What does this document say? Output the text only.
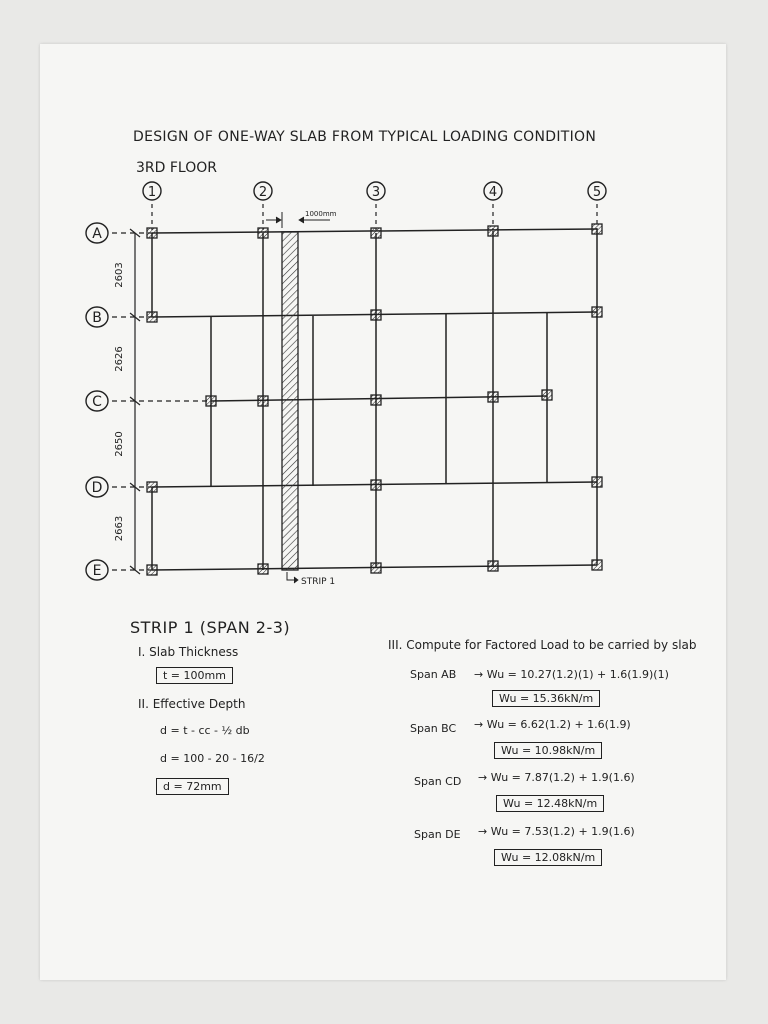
DESIGN OF ONE-WAY SLAB FROM TYPICAL LOADING CONDITION
3RD FLOOR
1	2	3	4	5
A
B
C
D
E
2603
2626
2650
2663
1000mm
STRIP 1
STRIP 1 (SPAN 2-3)
I. Slab Thickness
t = 100mm
II. Effective Depth
d = t - cc - ½ db
d = 100 - 20 - 16/2
d = 72mm
III. Compute for Factored Load to be carried by slab
Span AB → Wu = 10.27(1.2)(1) + 1.6(1.9)(1)
Wu = 15.36kN/m
Span BC → Wu = 6.62(1.2) + 1.6(1.9)
Wu = 10.98kN/m
Span CD → Wu = 7.87(1.2) + 1.9(1.6)
Wu = 12.48kN/m
Span DE → Wu = 7.53(1.2) + 1.9(1.6)
Wu = 12.08kN/m
